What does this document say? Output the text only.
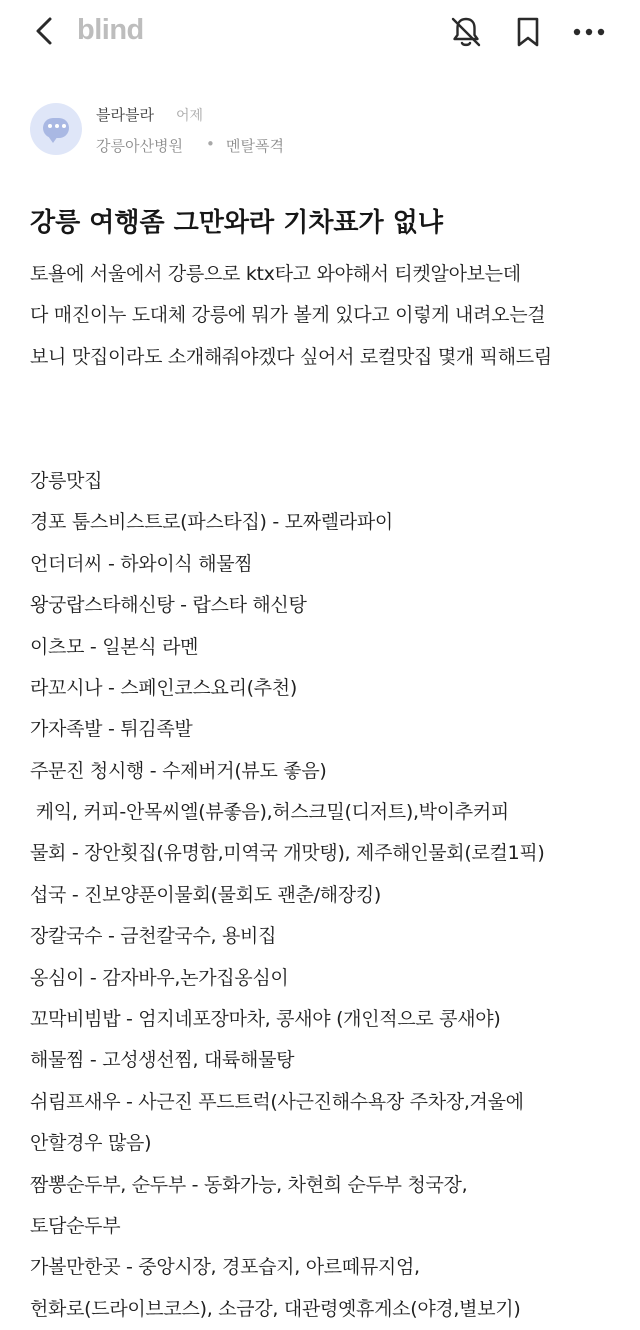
blind
블라블라 어제
강릉아산병원 • 멘탈폭격
강릉 여행좀 그만와라 기차표가 없냐
토욜에 서울에서 강릉으로 ktx타고 와야해서 티켓알아보는데
다 매진이누 도대체 강릉에 뭐가 볼게 있다고 이렇게 내려오는걸
보니 맛집이라도 소개해줘야겠다 싶어서 로컬맛집 몇개 픽해드림
강릉맛집
경포 툼스비스트로(파스타집) - 모짜렐라파이
언더더씨 - 하와이식 해물찜
왕궁랍스타해신탕 - 랍스타 해신탕
이츠모 - 일본식 라멘
라꼬시나 - 스페인코스요리(추천)
가자족발 - 튀김족발
주문진 청시행 - 수제버거(뷰도 좋음)
케익, 커피-안목씨엘(뷰좋음),허스크밀(디저트),박이추커피
물회 - 장안횟집(유명함,미역국 개맛탱), 제주해인물회(로컬1픽)
섭국 - 진보양푼이물회(물회도 괜춘/해장킹)
장칼국수 - 금천칼국수, 용비집
옹심이 - 감자바우,논가집옹심이
꼬막비빔밥 - 엄지네포장마차, 콩새야 (개인적으로 콩새야)
해물찜 - 고성생선찜, 대륙해물탕
쉬림프새우 - 사근진 푸드트럭(사근진해수욕장 주차장,겨울에
안할경우 많음)
짬뽕순두부, 순두부 - 동화가능, 차현희 순두부 청국장,
토담순두부
가볼만한곳 - 중앙시장, 경포습지, 아르떼뮤지엄,
헌화로(드라이브코스), 소금강, 대관령옛휴게소(야경,별보기)
